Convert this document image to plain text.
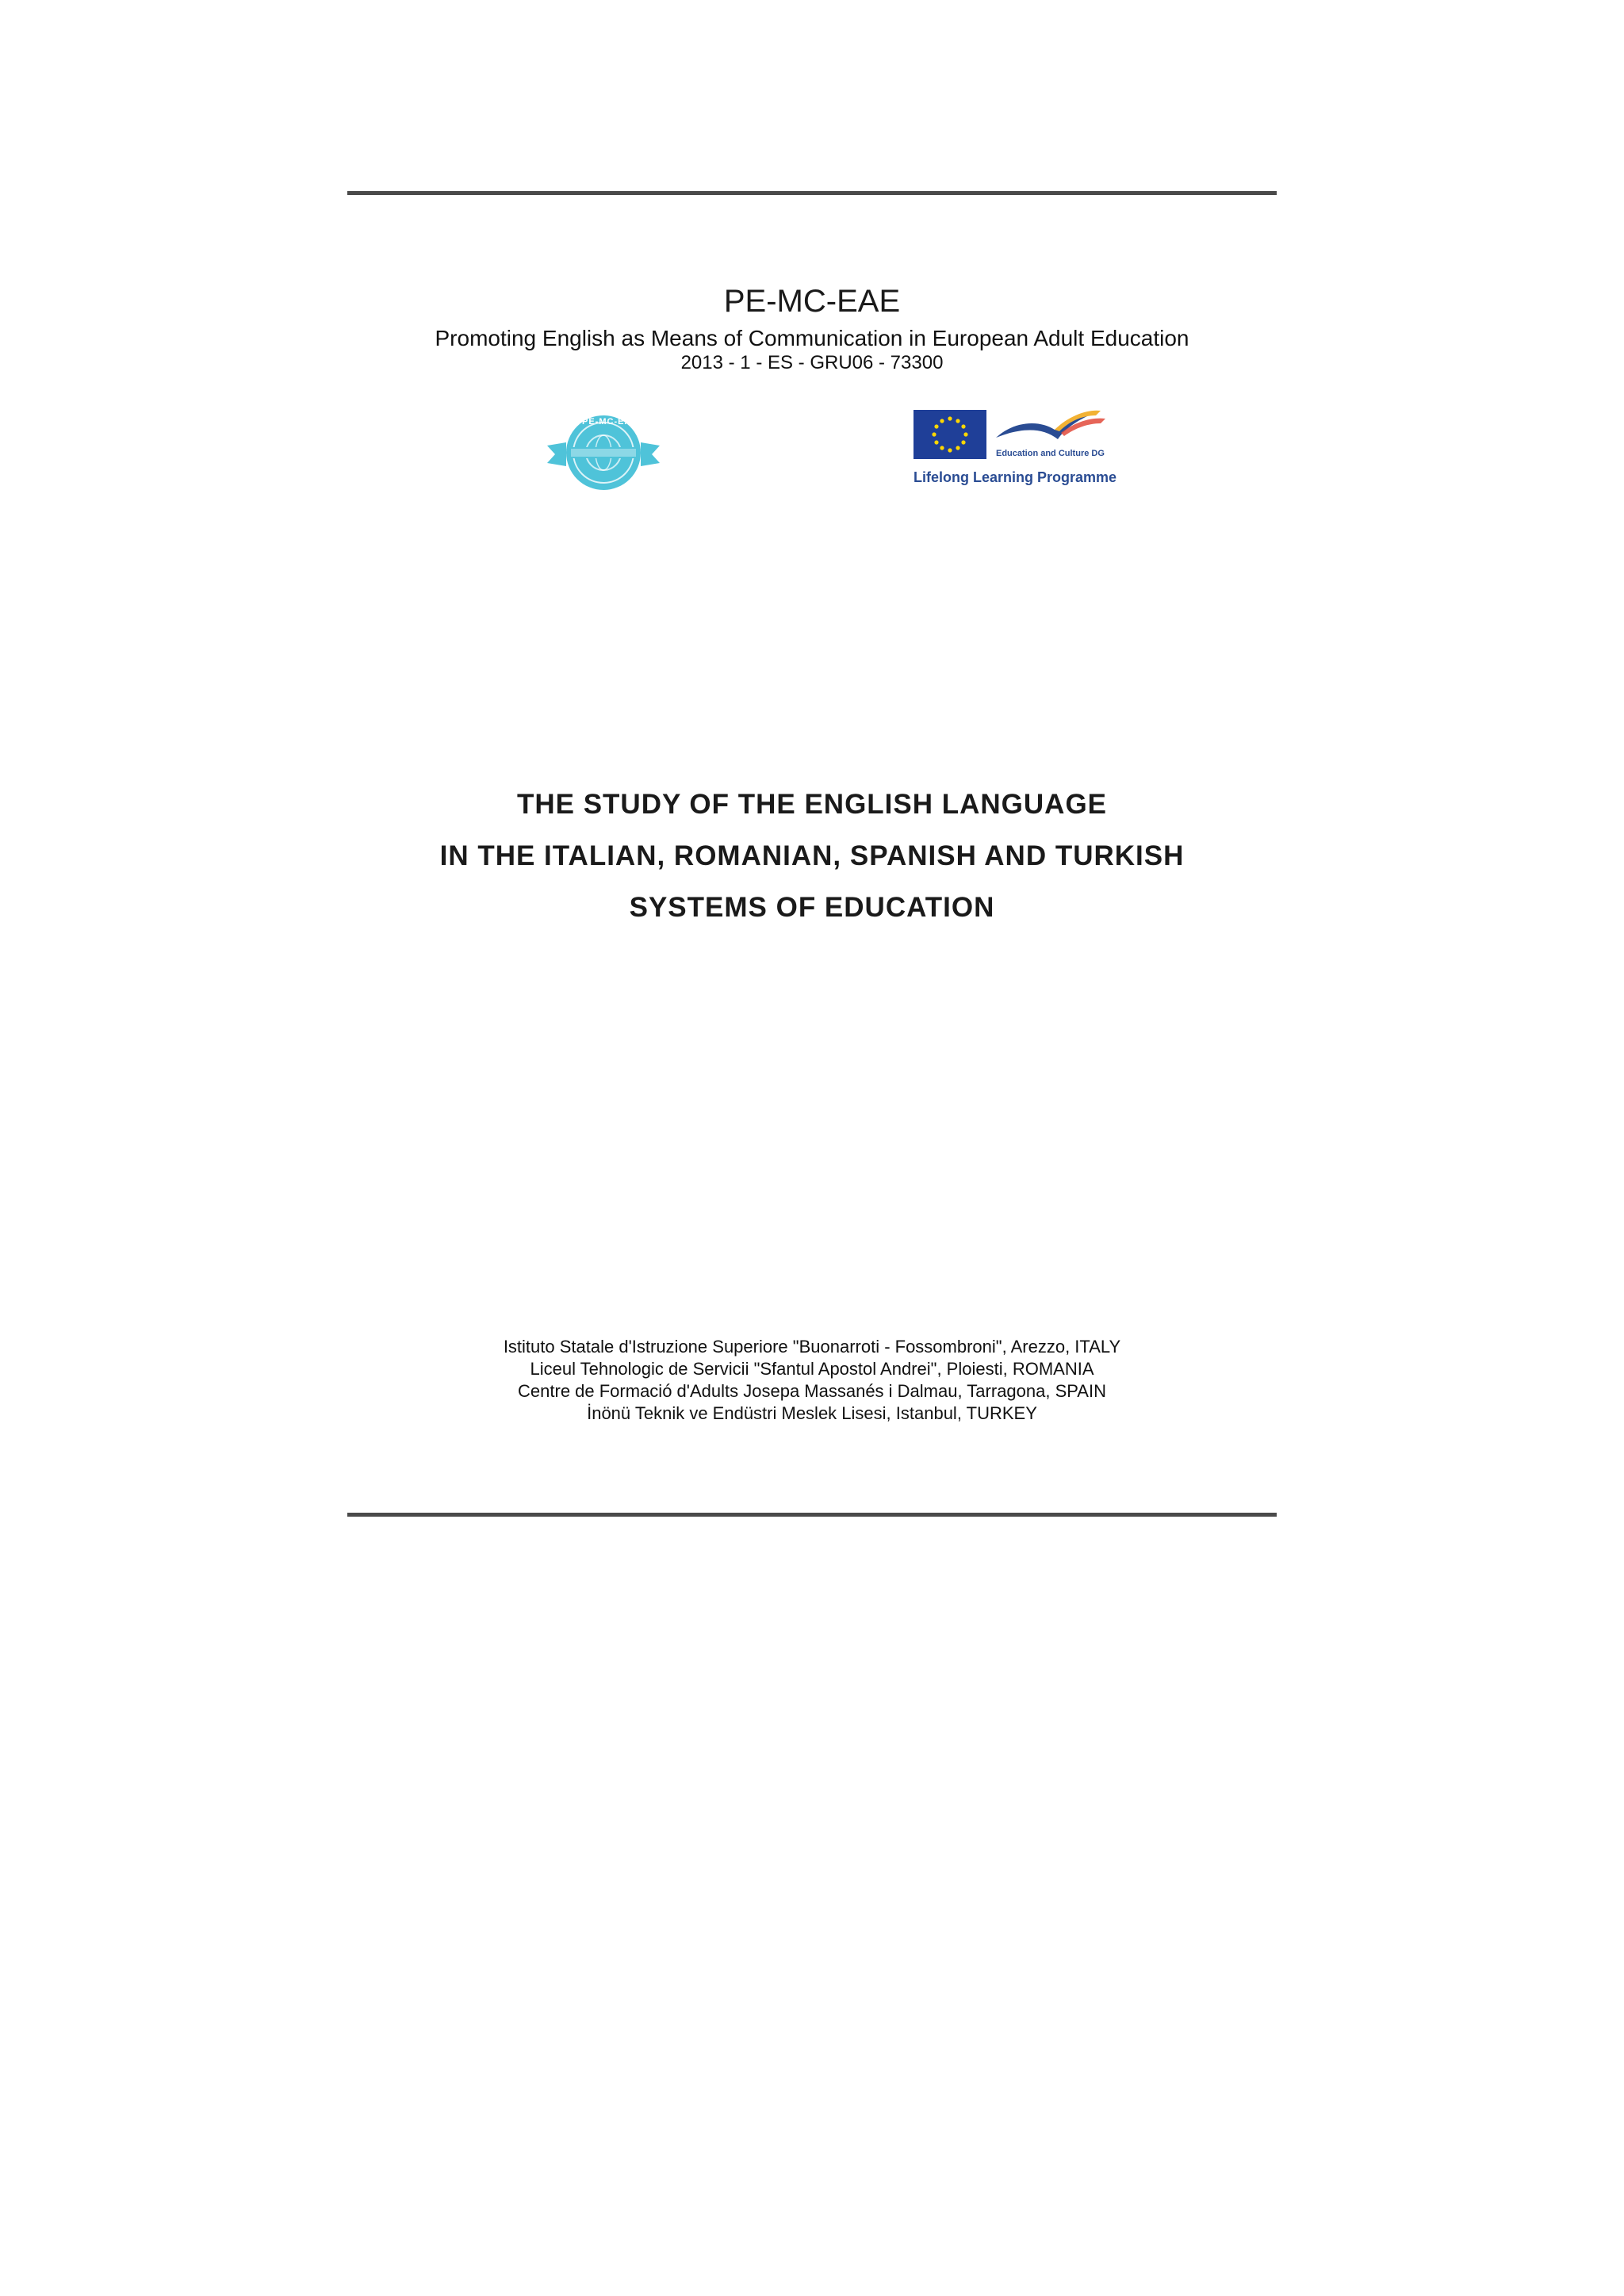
PE-MC-EAE
Promoting English as Means of Communication in European Adult Education
2013 - 1 - ES - GRU06 - 73300
PE-MC-EAE
Education and Culture DG
Lifelong Learning Programme
THE STUDY OF THE ENGLISH LANGUAGE
IN THE ITALIAN, ROMANIAN, SPANISH AND TURKISH
SYSTEMS OF EDUCATION
Istituto Statale d'Istruzione Superiore "Buonarroti - Fossombroni", Arezzo, ITALY
Liceul Tehnologic de Servicii "Sfantul Apostol Andrei", Ploiesti, ROMANIA
Centre de Formació d'Adults Josepa Massanés i Dalmau, Tarragona, SPAIN
İnönü Teknik ve Endüstri Meslek Lisesi, Istanbul, TURKEY
